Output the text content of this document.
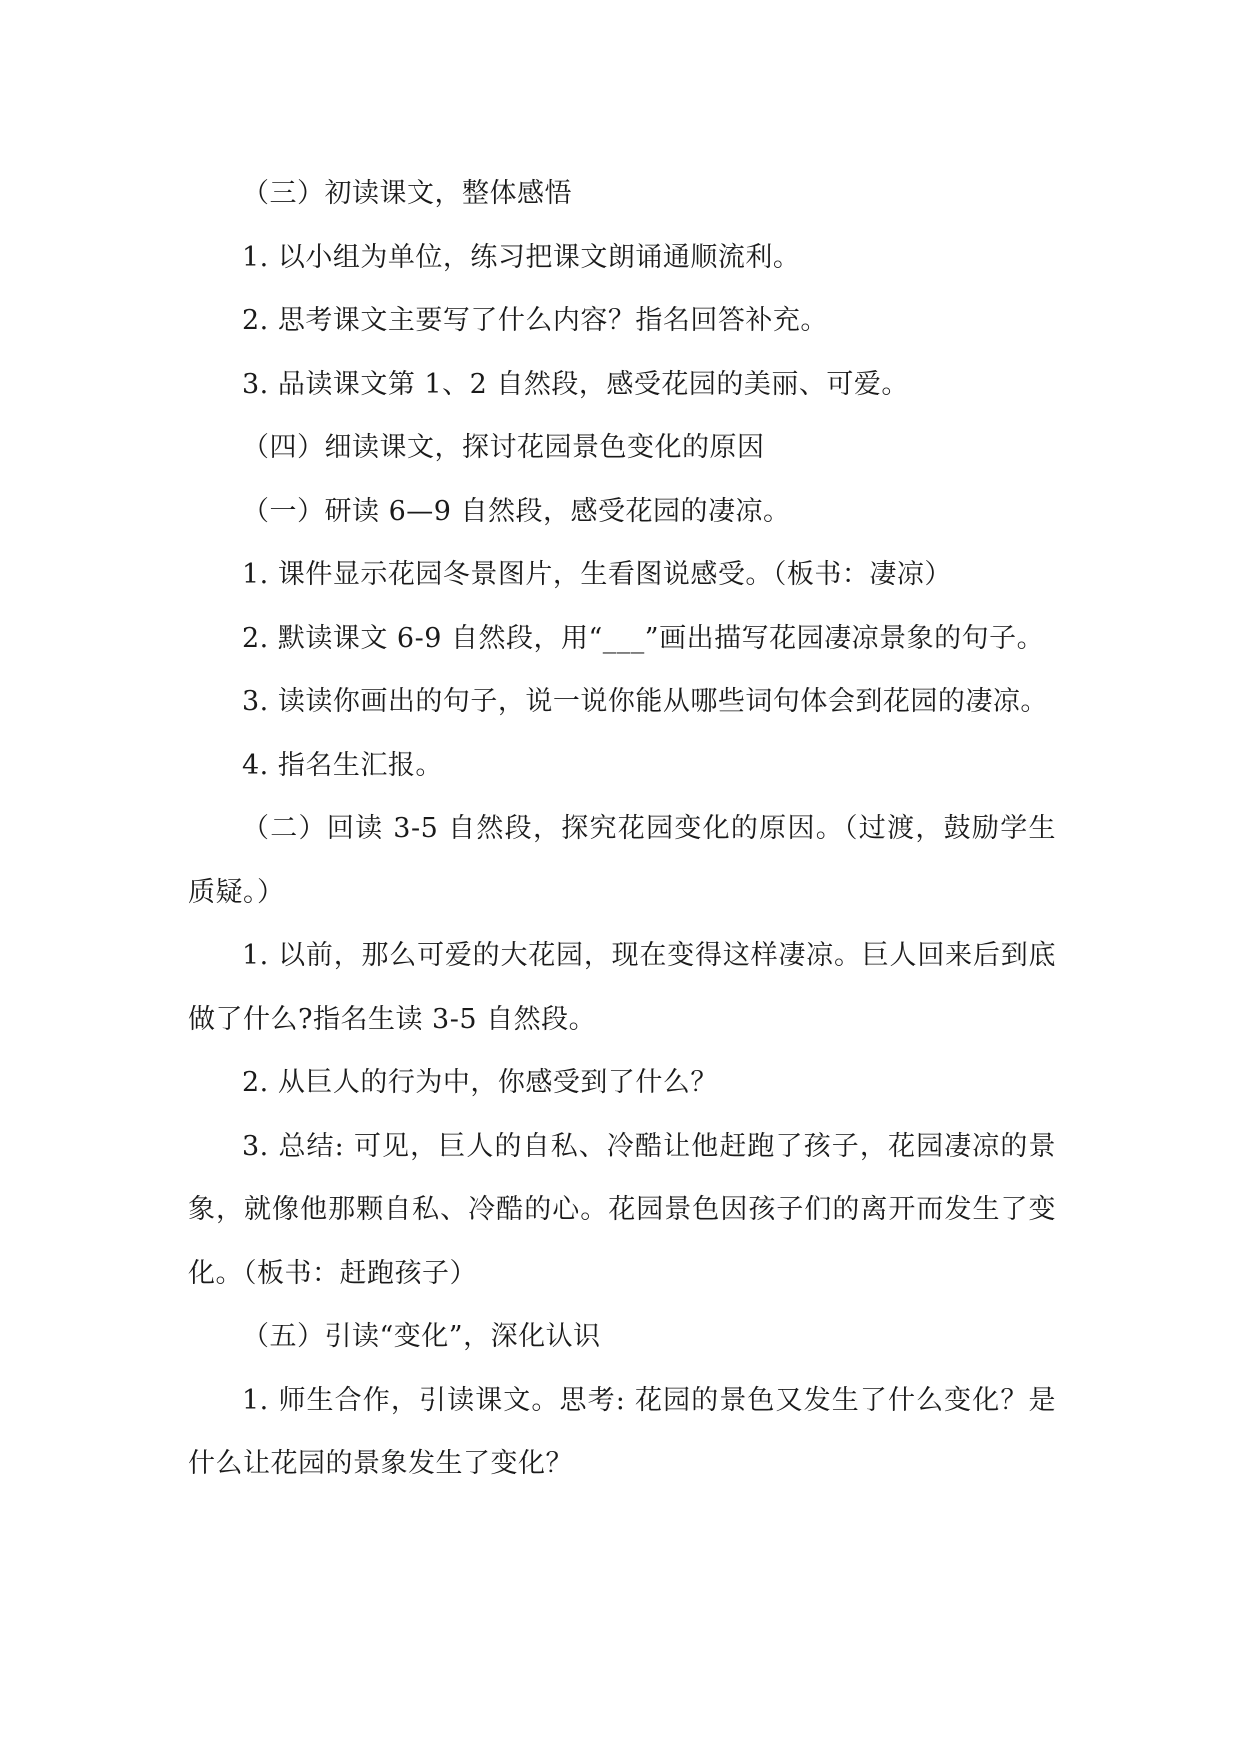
（三）初读课文，整体感悟

1. 以小组为单位，练习把课文朗诵通顺流利。

2. 思考课文主要写了什么内容？指名回答补充。

3. 品读课文第 1、2 自然段，感受花园的美丽、可爱。

（四）细读课文，探讨花园景色变化的原因

（一）研读 6—9 自然段，感受花园的凄凉。

1. 课件显示花园冬景图片，生看图说感受。（板书：凄凉）

2. 默读课文 6-9 自然段，用“___”画出描写花园凄凉景象的句子。

3. 读读你画出的句子，说一说你能从哪些词句体会到花园的凄凉。

4. 指名生汇报。

（二）回读 3-5 自然段，探究花园变化的原因。（过渡，鼓励学生质疑。）

1. 以前，那么可爱的大花园，现在变得这样凄凉。巨人回来后到底做了什么?指名生读 3-5 自然段。

2. 从巨人的行为中，你感受到了什么？

3. 总结: 可见，巨人的自私、冷酷让他赶跑了孩子，花园凄凉的景象，就像他那颗自私、冷酷的心。花园景色因孩子们的离开而发生了变化。（板书：赶跑孩子）

（五）引读“变化”，深化认识

1. 师生合作，引读课文。思考: 花园的景色又发生了什么变化？是什么让花园的景象发生了变化？
